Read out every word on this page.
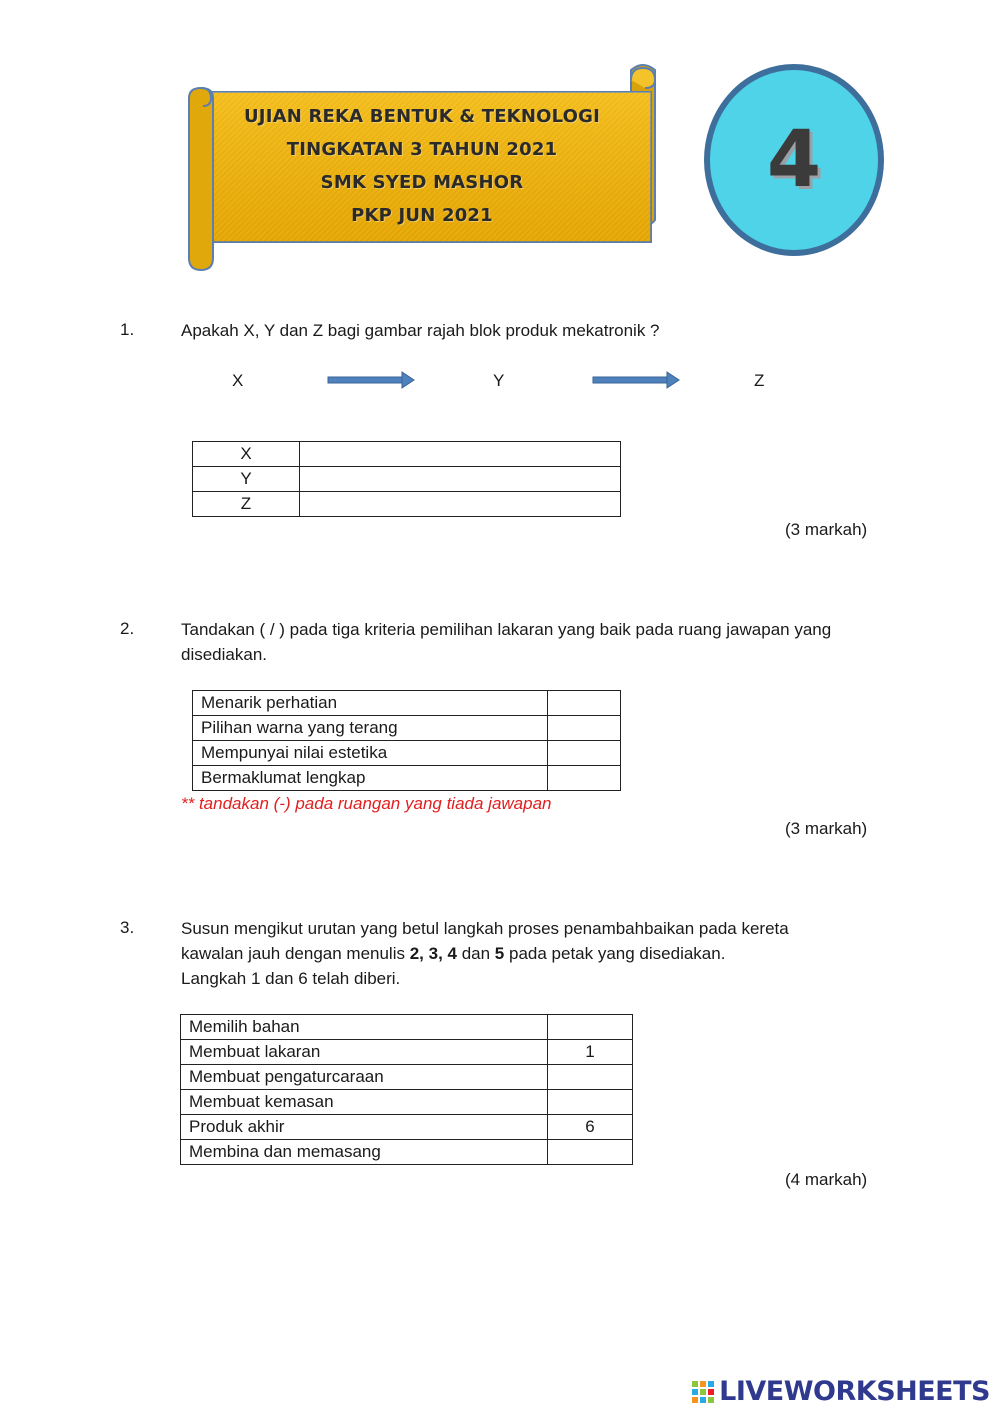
UJIAN REKA BENTUK & TEKNOLOGI
TINGKATAN 3 TAHUN 2021
SMK SYED MASHOR
PKP JUN 2021
4
1.	Apakah X, Y dan Z bagi gambar rajah blok produk mekatronik ?
X	Y	Z
X	
Y	
Z	
(3 markah)
2.	Tandakan ( / ) pada tiga kriteria pemilihan lakaran yang baik pada ruang jawapan yang
disediakan.
Menarik perhatian	
Pilihan warna yang terang	
Mempunyai nilai estetika	
Bermaklumat lengkap	
** tandakan (-) pada ruangan yang tiada jawapan
(3 markah)
3.	Susun mengikut urutan yang betul langkah proses penambahbaikan pada kereta
kawalan jauh dengan menulis 2, 3, 4 dan 5 pada petak yang disediakan.
Langkah 1 dan 6 telah diberi.
Memilih bahan	
Membuat lakaran	1
Membuat pengaturcaraan	
Membuat kemasan	
Produk akhir	6
Membina dan memasang	
(4 markah)
LIVEWORKSHEETS
